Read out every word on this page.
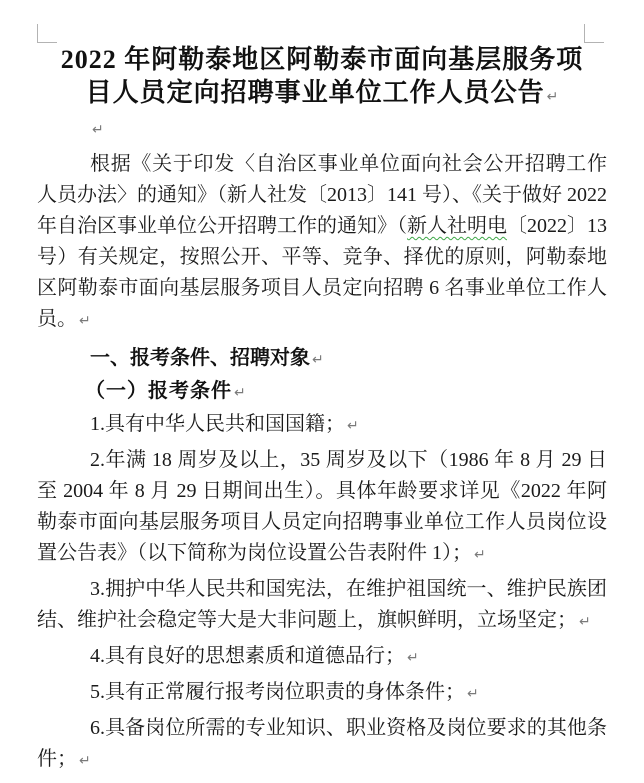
2022 年阿勒泰地区阿勒泰市面向基层服务项
目人员定向招聘事业单位工作人员公告 ↵

↵

根据《关于印发〈自治区事业单位面向社会公开招聘工作人员办法〉的通知》（新人社发〔2013〕141 号）、《关于做好 2022 年自治区事业单位公开招聘工作的通知》（新人社明电〔2022〕13 号）有关规定，按照公开、平等、竞争、择优的原则，阿勒泰地区阿勒泰市面向基层服务项目人员定向招聘 6 名事业单位工作人员。 ↵

一、报考条件、招聘对象 ↵
（一）报考条件 ↵

1.具有中华人民共和国国籍； ↵

2.年满 18 周岁及以上，35 周岁及以下（1986 年 8 月 29 日至 2004 年 8 月 29 日期间出生）。具体年龄要求详见《2022 年阿勒泰市面向基层服务项目人员定向招聘事业单位工作人员岗位设置公告表》（以下简称为岗位设置公告表附件 1）； ↵

3.拥护中华人民共和国宪法，在维护祖国统一、维护民族团结、维护社会稳定等大是大非问题上，旗帜鲜明，立场坚定； ↵

4.具有良好的思想素质和道德品行； ↵

5.具有正常履行报考岗位职责的身体条件； ↵

6.具备岗位所需的专业知识、职业资格及岗位要求的其他条件； ↵
